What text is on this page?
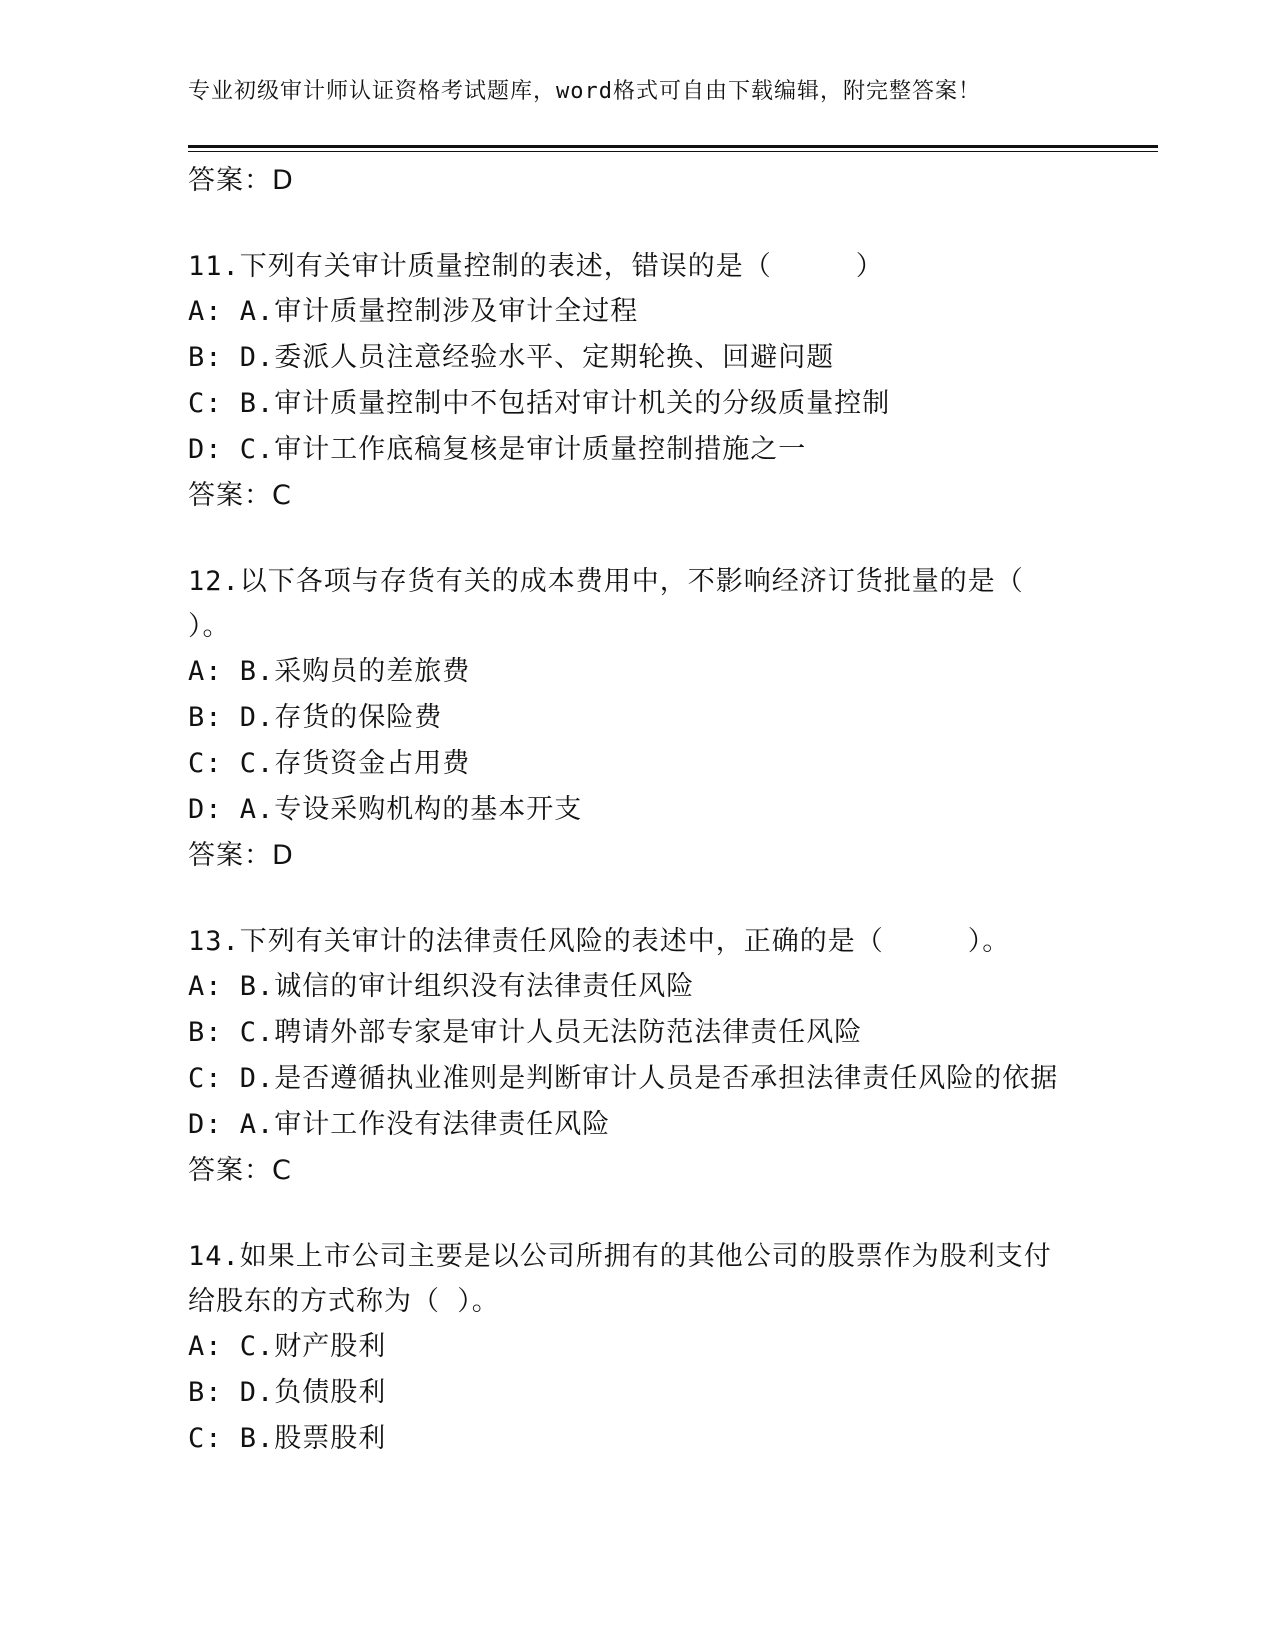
专业初级审计师认证资格考试题库，word格式可自由下载编辑，附完整答案！
答案：D
11.下列有关审计质量控制的表述，错误的是（　　　）
A: A.审计质量控制涉及审计全过程
B: D.委派人员注意经验水平、定期轮换、回避问题
C: B.审计质量控制中不包括对审计机关的分级质量控制
D: C.审计工作底稿复核是审计质量控制措施之一
答案：C
12.以下各项与存货有关的成本费用中，不影响经济订货批量的是（
）。
A: B.采购员的差旅费
B: D.存货的保险费
C: C.存货资金占用费
D: A.专设采购机构的基本开支
答案：D
13.下列有关审计的法律责任风险的表述中，正确的是（　　　）。
A: B.诚信的审计组织没有法律责任风险
B: C.聘请外部专家是审计人员无法防范法律责任风险
C: D.是否遵循执业准则是判断审计人员是否承担法律责任风险的依据
D: A.审计工作没有法律责任风险
答案：C
14.如果上市公司主要是以公司所拥有的其他公司的股票作为股利支付
给股东的方式称为（ ）。
A: C.财产股利
B: D.负债股利
C: B.股票股利
